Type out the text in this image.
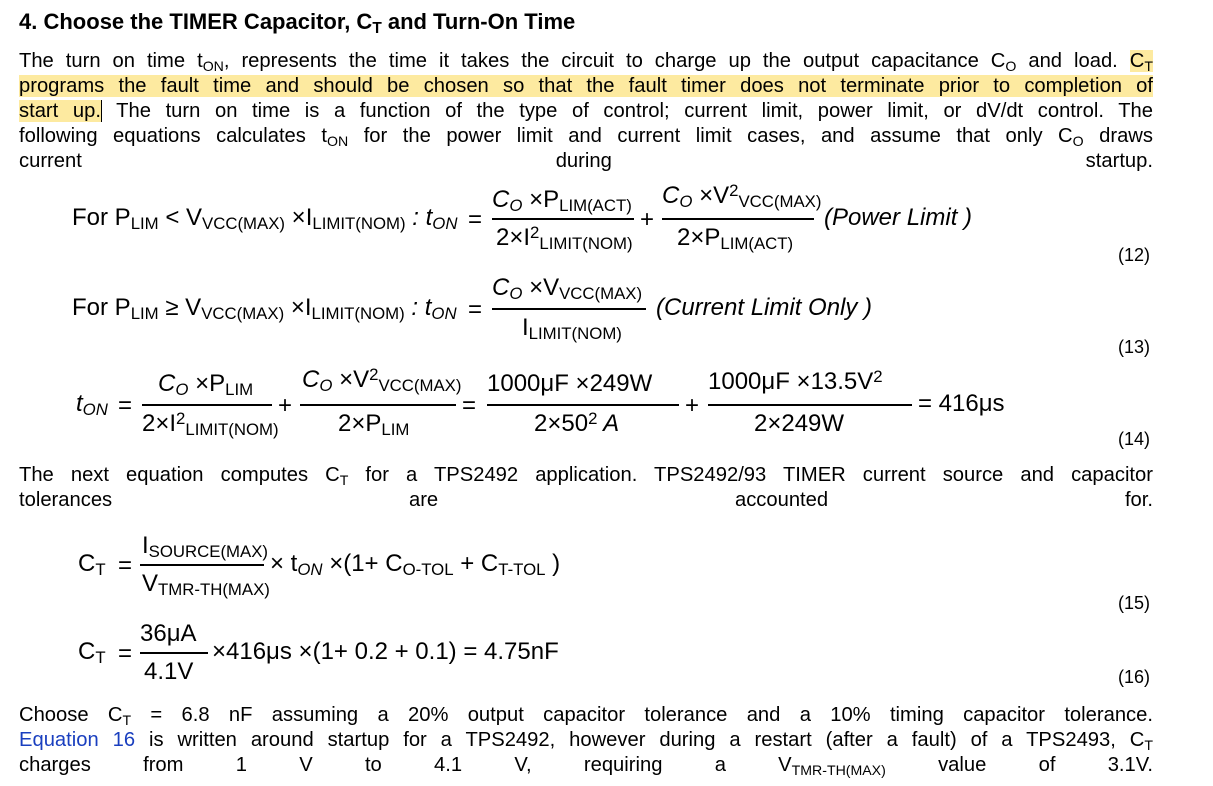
4. Choose the TIMER Capacitor, $C_T$ and Turn-On Time
The turn on time $t_{ON}$, represents the time it takes the circuit to charge up the output capacitance $C_O$ and load. $C_T$
programs the fault time and should be chosen so that the fault timer does not terminate prior to completion of
start up. The turn on time is a function of the type of control; current limit, power limit, or dV/dt control. The
following equations calculates $t_{ON}$ for the power limit and current limit cases, and assume that only $C_O$ draws
current during startup.
For $P_{LIM} < V_{VCC(MAX)} \times I_{LIMIT(NOM)}$ : $t_{ON}$ =
$C_O \times P_{LIM(ACT)}$
$2\times I^2_{LIMIT(NOM)}$
+
$C_O \times V^2_{VCC(MAX)}$
$2\times P_{LIM(ACT)}$
(Power Limit )
(12)
For $P_{LIM} \ge V_{VCC(MAX)} \times I_{LIMIT(NOM)}$ : $t_{ON}$ =
$C_O \times V_{VCC(MAX)}$
$I_{LIMIT(NOM)}$
(Current Limit Only )
(13)
$t_{ON}$ =
$C_O \times P_{LIM}$
$2\times I^2_{LIMIT(NOM)}$
+
$C_O \times V^2_{VCC(MAX)}$
$2\times P_{LIM}$
=
1000μF ×249W
$2\times 50^2$ A
+
$1000\mu F \times 13.5V^2$
2×249W
= 416μs
(14)
The next equation computes $C_T$ for a TPS2492 application. TPS2492/93 TIMER current source and capacitor
tolerances are accounted for.
$C_T$ =
$I_{SOURCE(MAX)}$
$V_{TMR-TH(MAX)}$
× $t_{ON} \times(1+ C_{O-TOL} + C_{T-TOL}$ )
(15)
$C_T$ =
36μA
4.1V
×416μs ×(1+ 0.2 + 0.1) = 4.75nF
(16)
Choose $C_T = 6.8$ nF assuming a 20% output capacitor tolerance and a 10% timing capacitor tolerance.
Equation 16 is written around startup for a TPS2492, however during a restart (after a fault) of a TPS2493, $C_T$
charges from 1 V to 4.1 V, requiring a $V_{TMR-TH(MAX)}$ value of 3.1V.
